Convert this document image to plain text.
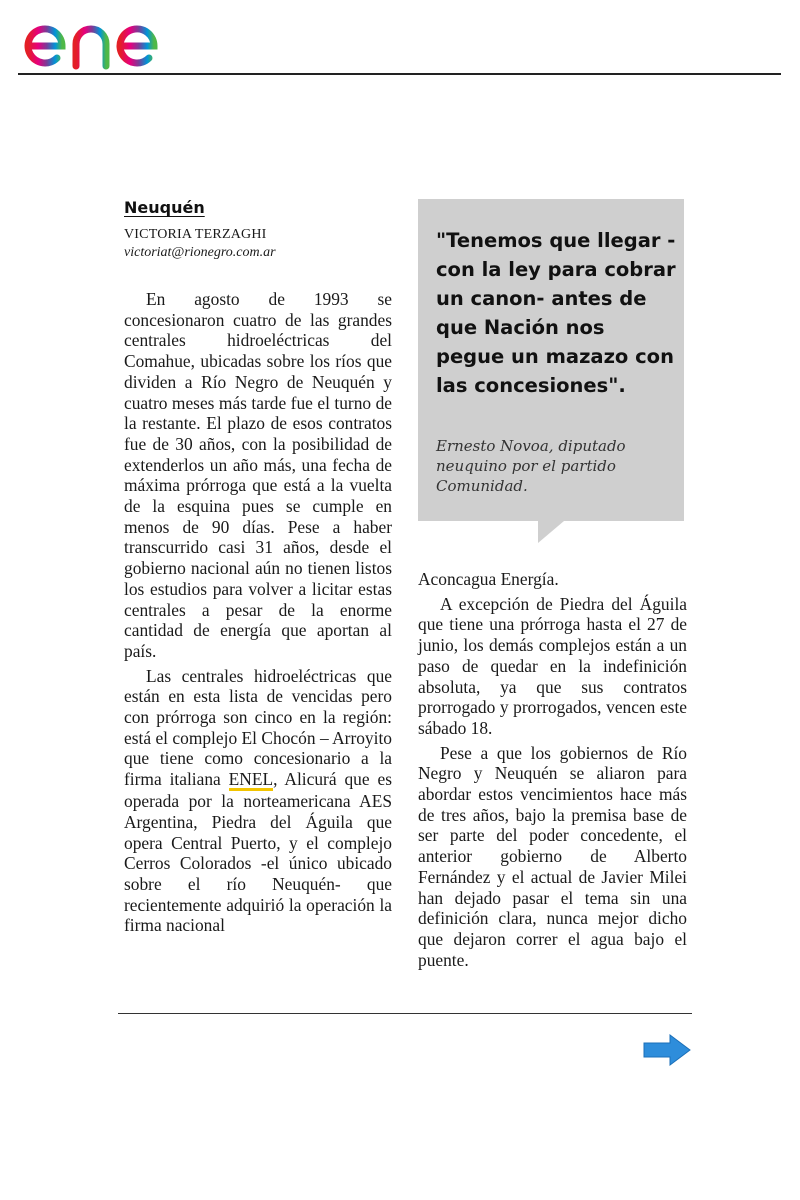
Neuquén
VICTORIA TERZAGHI
victoriat@rionegro.com.ar

En agosto de 1993 se concesionaron cuatro de las grandes centrales hidroeléctricas del Comahue, ubicadas sobre los ríos que dividen a Río Negro de Neuquén y cuatro meses más tarde fue el turno de la restante. El plazo de esos contratos fue de 30 años, con la posibilidad de extenderlos un año más, una fecha de máxima prórroga que está a la vuelta de la esquina pues se cumple en menos de 90 días. Pese a haber transcurrido casi 31 años, desde el gobierno nacional aún no tienen listos los estudios para volver a licitar estas centrales a pesar de la enorme cantidad de energía que aportan al país.

Las centrales hidroeléctricas que están en esta lista de vencidas pero con prórroga son cinco en la región: está el complejo El Chocón – Arroyito que tiene como concesionario a la firma italiana ENEL, Alicurá que es operada por la norteamericana AES Argentina, Piedra del Águila que opera Central Puerto, y el complejo Cerros Colorados -el único ubicado sobre el río Neuquén- que recientemente adquirió la operación la firma nacional

"Tenemos que llegar -con la ley para cobrar un canon- antes de que Nación nos pegue un mazazo con las concesiones".
Ernesto Novoa, diputado neuquino por el partido Comunidad.

Aconcagua Energía.

A excepción de Piedra del Águila que tiene una prórroga hasta el 27 de junio, los demás complejos están a un paso de quedar en la indefinición absoluta, ya que sus contratos prorrogado y prorrogados, vencen este sábado 18.

Pese a que los gobiernos de Río Negro y Neuquén se aliaron para abordar estos vencimientos hace más de tres años, bajo la premisa base de ser parte del poder concedente, el anterior gobierno de Alberto Fernández y el actual de Javier Milei han dejado pasar el tema sin una definición clara, nunca mejor dicho que dejaron correr el agua bajo el puente.
